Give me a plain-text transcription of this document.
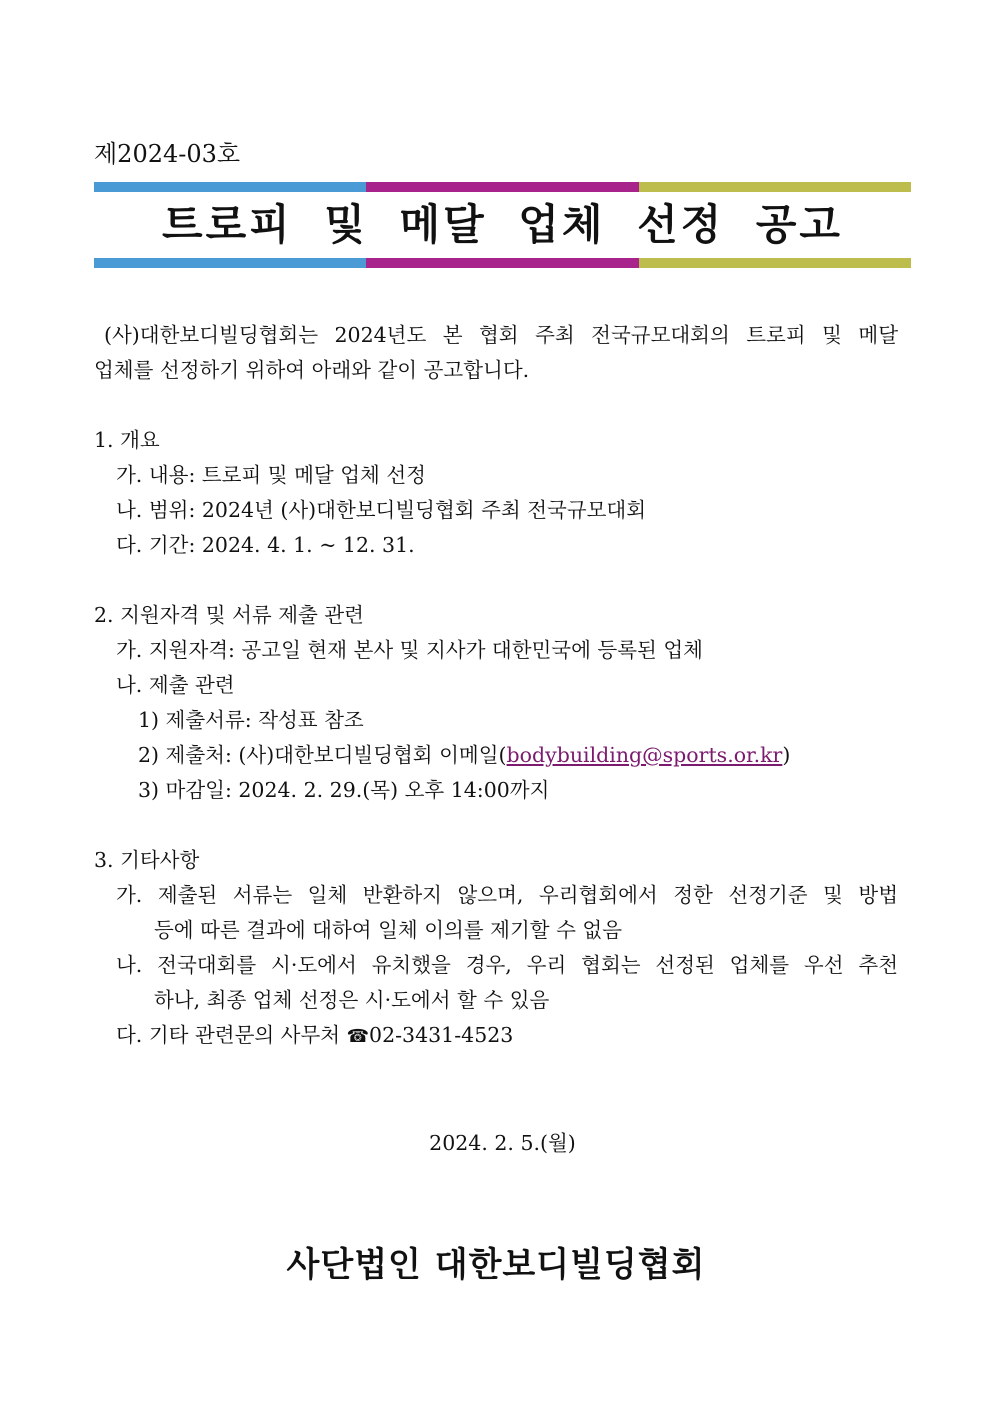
제2024-03호
트로피 및 메달 업체 선정 공고
(사)대한보디빌딩협회는 2024년도 본 협회 주최 전국규모대회의 트로피 및 메달
업체를 선정하기 위하여 아래와 같이 공고합니다.
1. 개요
가. 내용: 트로피 및 메달 업체 선정
나. 범위: 2024년 (사)대한보디빌딩협회 주최 전국규모대회
다. 기간: 2024. 4. 1. ~ 12. 31.
2. 지원자격 및 서류 제출 관련
가. 지원자격: 공고일 현재 본사 및 지사가 대한민국에 등록된 업체
나. 제출 관련
1) 제출서류: 작성표 참조
2) 제출처: (사)대한보디빌딩협회 이메일(bodybuilding@sports.or.kr)
3) 마감일: 2024. 2. 29.(목) 오후 14:00까지
3. 기타사항
가. 제출된 서류는 일체 반환하지 않으며, 우리협회에서 정한 선정기준 및 방법
등에 따른 결과에 대하여 일체 이의를 제기할 수 없음
나. 전국대회를 시·도에서 유치했을 경우, 우리 협회는 선정된 업체를 우선 추천
하나, 최종 업체 선정은 시·도에서 할 수 있음
다. 기타 관련문의 사무처 ☎02-3431-4523
2024. 2. 5.(월)
사단법인 대한보디빌딩협회
